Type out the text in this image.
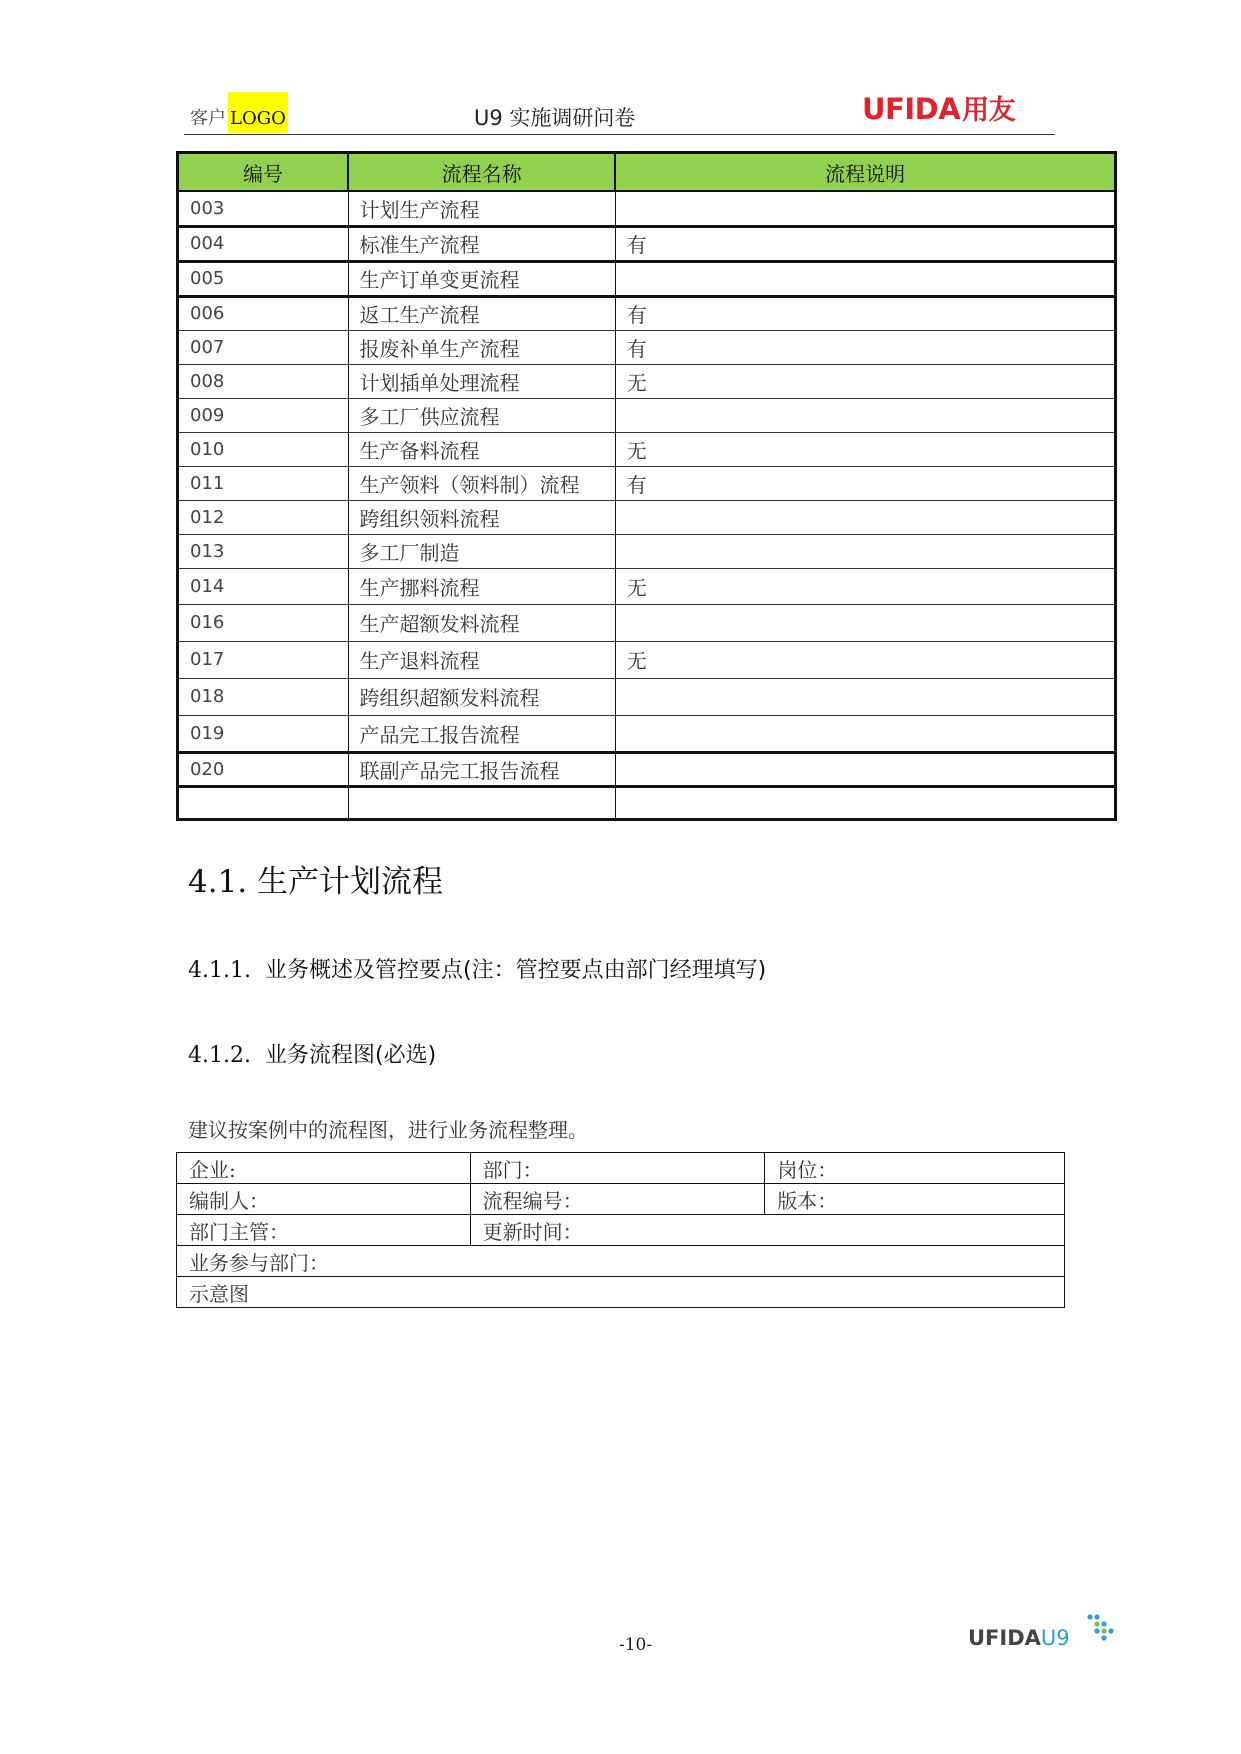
客户 LOGO	U9 实施调研问卷	UFIDA用友
编号	流程名称	流程说明
003	计划生产流程	
004	标准生产流程	有
005	生产订单变更流程	
006	返工生产流程	有
007	报废补单生产流程	有
008	计划插单处理流程	无
009	多工厂供应流程	
010	生产备料流程	无
011	生产领料（领料制）流程	有
012	跨组织领料流程	
013	多工厂制造	
014	生产挪料流程	无
016	生产超额发料流程	
017	生产退料流程	无
018	跨组织超额发料流程	
019	产品完工报告流程	
020	联副产品完工报告流程	

4.1. 生产计划流程
4.1.1. 业务概述及管控要点(注：管控要点由部门经理填写)
4.1.2. 业务流程图(必选)
建议按案例中的流程图，进行业务流程整理。
企业:	部门：	岗位：
编制人：	流程编号：	版本：
部门主管：	更新时间：	
业务参与部门：		
示意图		
-10-	UFIDAU9
